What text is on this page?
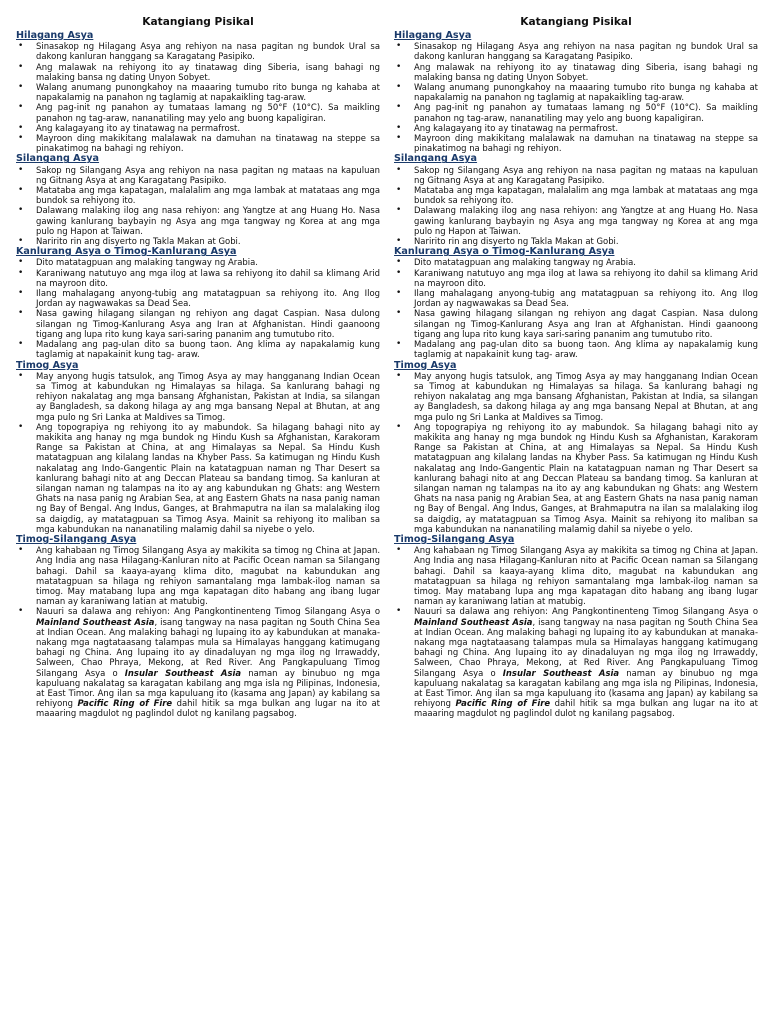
Katangiang Pisikal
Hilagang Asya
• Sinasakop ng Hilagang Asya ang rehiyon na nasa pagitan ng bundok Ural sa dakong kanluran hanggang sa Karagatang Pasipiko.
• Ang malawak na rehiyong ito ay tinatawag ding Siberia, isang bahagi ng malaking bansa ng dating Unyon Sobyet.
• Walang anumang punongkahoy na maaaring tumubo rito bunga ng kahaba at napakalamig na panahon ng taglamig at napakaikling tag-araw.
• Ang pag-init ng panahon ay tumataas lamang ng 50°F (10°C). Sa maikling panahon ng tag-araw, nananatiling may yelo ang buong kapaligiran.
• Ang kalagayang ito ay tinatawag na permafrost.
• Mayroon ding makikitang malalawak na damuhan na tinatawag na steppe sa pinakatimog na bahagi ng rehiyon.
Silangang Asya
• Sakop ng Silangang Asya ang rehiyon na nasa pagitan ng mataas na kapuluan ng Gitnang Asya at ang Karagatang Pasipiko.
• Matataba ang mga kapatagan, malalalim ang mga lambak at matataas ang mga bundok sa rehiyong ito.
• Dalawang malaking ilog ang nasa rehiyon: ang Yangtze at ang Huang Ho. Nasa gawing kanlurang baybayin ng Asya ang mga tangway ng Korea at ang mga pulo ng Hapon at Taiwan.
• Naririto rin ang disyerto ng Takla Makan at Gobi.
Kanlurang Asya o Timog-Kanlurang Asya
• Dito matatagpuan ang malaking tangway ng Arabia.
• Karaniwang natutuyo ang mga ilog at lawa sa rehiyong ito dahil sa klimang Arid na mayroon dito.
• Ilang mahalagang anyong-tubig ang matatagpuan sa rehiyong ito. Ang Ilog Jordan ay nagwawakas sa Dead Sea.
• Nasa gawing hilagang silangan ng rehiyon ang dagat Caspian. Nasa dulong silangan ng Timog-Kanlurang Asya ang Iran at Afghanistan. Hindi gaanoong tigang ang lupa rito kung kaya sari-saring pananim ang tumutubo rito.
• Madalang ang pag-ulan dito sa buong taon. Ang klima ay napakalamig kung taglamig at napakainit kung tag- araw.
Timog Asya
• May anyong hugis tatsulok, ang Timog Asya ay may hangganang Indian Ocean sa Timog at kabundukan ng Himalayas sa hilaga. Sa kanlurang bahagi ng rehiyon nakalatag ang mga bansang Afghanistan, Pakistan at India, sa silangan ay Bangladesh, sa dakong hilaga ay ang mga bansang Nepal at Bhutan, at ang mga pulo ng Sri Lanka at Maldives sa Timog.
• Ang topograpiya ng rehiyong ito ay mabundok. Sa hilagang bahagi nito ay makikita ang hanay ng mga bundok ng Hindu Kush sa Afghanistan, Karakoram Range sa Pakistan at China, at ang Himalayas sa Nepal. Sa Hindu Kush matatagpuan ang kilalang landas na Khyber Pass. Sa katimugan ng Hindu Kush nakalatag ang Indo-Gangentic Plain na katatagpuan naman ng Thar Desert sa kanlurang bahagi nito at ang Deccan Plateau sa bandang timog. Sa kanluran at silangan naman ng talampas na ito ay ang kabundukan ng Ghats: ang Western Ghats na nasa panig ng Arabian Sea, at ang Eastern Ghats na nasa panig naman ng Bay of Bengal. Ang Indus, Ganges, at Brahmaputra na ilan sa malalaking ilog sa daigdig, ay matatagpuan sa Timog Asya. Mainit sa rehiyong ito maliban sa mga kabundukan na nananatiling malamig dahil sa niyebe o yelo.
Timog-Silangang Asya
• Ang kahabaan ng Timog Silangang Asya ay makikita sa timog ng China at Japan. Ang India ang nasa Hilagang-Kanluran nito at Pacific Ocean naman sa Silangang bahagi. Dahil sa kaaya-ayang klima dito, magubat na kabundukan ang matatagpuan sa hilaga ng rehiyon samantalang mga lambak-ilog naman sa timog. May matabang lupa ang mga kapatagan dito habang ang ibang lugar naman ay karaniwang latian at matubig.
• Nauuri sa dalawa ang rehiyon: Ang Pangkontinenteng Timog Silangang Asya o Mainland Southeast Asia, isang tangway na nasa pagitan ng South China Sea at Indian Ocean. Ang malaking bahagi ng lupaing ito ay kabundukan at manaka-nakang mga nagtataasang talampas mula sa Himalayas hanggang katimugang bahagi ng China. Ang lupaing ito ay dinadaluyan ng mga ilog ng Irrawaddy, Salween, Chao Phraya, Mekong, at Red River. Ang Pangkapuluang Timog Silangang Asya o Insular Southeast Asia naman ay binubuo ng mga kapuluang nakalatag sa karagatan kabilang ang mga isla ng Pilipinas, Indonesia, at East Timor. Ang ilan sa mga kapuluang ito (kasama ang Japan) ay kabilang sa rehiyong Pacific Ring of Fire dahil hitik sa mga bulkan ang lugar na ito at maaaring magdulot ng paglindol dulot ng kanilang pagsabog.
Katangiang Pisikal
Hilagang Asya
• Sinasakop ng Hilagang Asya ang rehiyon na nasa pagitan ng bundok Ural sa dakong kanluran hanggang sa Karagatang Pasipiko.
• Ang malawak na rehiyong ito ay tinatawag ding Siberia, isang bahagi ng malaking bansa ng dating Unyon Sobyet.
• Walang anumang punongkahoy na maaaring tumubo rito bunga ng kahaba at napakalamig na panahon ng taglamig at napakaikling tag-araw.
• Ang pag-init ng panahon ay tumataas lamang ng 50°F (10°C). Sa maikling panahon ng tag-araw, nananatiling may yelo ang buong kapaligiran.
• Ang kalagayang ito ay tinatawag na permafrost.
• Mayroon ding makikitang malalawak na damuhan na tinatawag na steppe sa pinakatimog na bahagi ng rehiyon.
Silangang Asya
• Sakop ng Silangang Asya ang rehiyon na nasa pagitan ng mataas na kapuluan ng Gitnang Asya at ang Karagatang Pasipiko.
• Matataba ang mga kapatagan, malalalim ang mga lambak at matataas ang mga bundok sa rehiyong ito.
• Dalawang malaking ilog ang nasa rehiyon: ang Yangtze at ang Huang Ho. Nasa gawing kanlurang baybayin ng Asya ang mga tangway ng Korea at ang mga pulo ng Hapon at Taiwan.
• Naririto rin ang disyerto ng Takla Makan at Gobi.
Kanlurang Asya o Timog-Kanlurang Asya
• Dito matatagpuan ang malaking tangway ng Arabia.
• Karaniwang natutuyo ang mga ilog at lawa sa rehiyong ito dahil sa klimang Arid na mayroon dito.
• Ilang mahalagang anyong-tubig ang matatagpuan sa rehiyong ito. Ang Ilog Jordan ay nagwawakas sa Dead Sea.
• Nasa gawing hilagang silangan ng rehiyon ang dagat Caspian. Nasa dulong silangan ng Timog-Kanlurang Asya ang Iran at Afghanistan. Hindi gaanoong tigang ang lupa rito kung kaya sari-saring pananim ang tumutubo rito.
• Madalang ang pag-ulan dito sa buong taon. Ang klima ay napakalamig kung taglamig at napakainit kung tag- araw.
Timog Asya
• May anyong hugis tatsulok, ang Timog Asya ay may hangganang Indian Ocean sa Timog at kabundukan ng Himalayas sa hilaga. Sa kanlurang bahagi ng rehiyon nakalatag ang mga bansang Afghanistan, Pakistan at India, sa silangan ay Bangladesh, sa dakong hilaga ay ang mga bansang Nepal at Bhutan, at ang mga pulo ng Sri Lanka at Maldives sa Timog.
• Ang topograpiya ng rehiyong ito ay mabundok. Sa hilagang bahagi nito ay makikita ang hanay ng mga bundok ng Hindu Kush sa Afghanistan, Karakoram Range sa Pakistan at China, at ang Himalayas sa Nepal. Sa Hindu Kush matatagpuan ang kilalang landas na Khyber Pass. Sa katimugan ng Hindu Kush nakalatag ang Indo-Gangentic Plain na katatagpuan naman ng Thar Desert sa kanlurang bahagi nito at ang Deccan Plateau sa bandang timog. Sa kanluran at silangan naman ng talampas na ito ay ang kabundukan ng Ghats: ang Western Ghats na nasa panig ng Arabian Sea, at ang Eastern Ghats na nasa panig naman ng Bay of Bengal. Ang Indus, Ganges, at Brahmaputra na ilan sa malalaking ilog sa daigdig, ay matatagpuan sa Timog Asya. Mainit sa rehiyong ito maliban sa mga kabundukan na nananatiling malamig dahil sa niyebe o yelo.
Timog-Silangang Asya
• Ang kahabaan ng Timog Silangang Asya ay makikita sa timog ng China at Japan. Ang India ang nasa Hilagang-Kanluran nito at Pacific Ocean naman sa Silangang bahagi. Dahil sa kaaya-ayang klima dito, magubat na kabundukan ang matatagpuan sa hilaga ng rehiyon samantalang mga lambak-ilog naman sa timog. May matabang lupa ang mga kapatagan dito habang ang ibang lugar naman ay karaniwang latian at matubig.
• Nauuri sa dalawa ang rehiyon: Ang Pangkontinenteng Timog Silangang Asya o Mainland Southeast Asia, isang tangway na nasa pagitan ng South China Sea at Indian Ocean. Ang malaking bahagi ng lupaing ito ay kabundukan at manaka-nakang mga nagtataasang talampas mula sa Himalayas hanggang katimugang bahagi ng China. Ang lupaing ito ay dinadaluyan ng mga ilog ng Irrawaddy, Salween, Chao Phraya, Mekong, at Red River. Ang Pangkapuluang Timog Silangang Asya o Insular Southeast Asia naman ay binubuo ng mga kapuluang nakalatag sa karagatan kabilang ang mga isla ng Pilipinas, Indonesia, at East Timor. Ang ilan sa mga kapuluang ito (kasama ang Japan) ay kabilang sa rehiyong Pacific Ring of Fire dahil hitik sa mga bulkan ang lugar na ito at maaaring magdulot ng paglindol dulot ng kanilang pagsabog.
